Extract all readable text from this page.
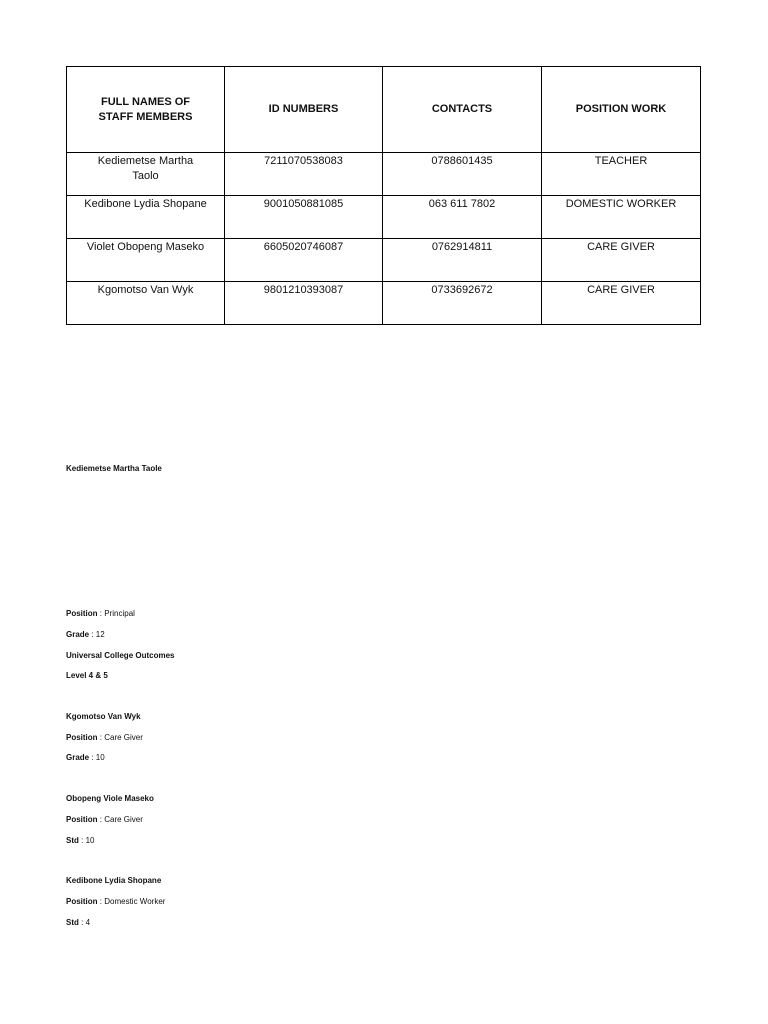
FULL NAMES OF STAFF MEMBERS	ID NUMBERS	CONTACTS	POSITION WORK

Kediemetse Martha Taolo	7211070538083	0788601435	TEACHER
Kedibone Lydia Shopane	9001050881085	063 611 7802	DOMESTIC WORKER
Violet Obopeng Maseko	6605020746087	0762914811	CARE GIVER
Kgomotso Van Wyk	9801210393087	0733692672	CARE GIVER
Kediemetse Martha Taole
Position : Principal
Grade : 12
Universal College Outcomes
Level 4 & 5
Kgomotso Van Wyk
Position : Care Giver
Grade : 10
Obopeng Viole Maseko
Position : Care Giver
Std : 10
Kedibone Lydia Shopane
Position : Domestic Worker
Std : 4
